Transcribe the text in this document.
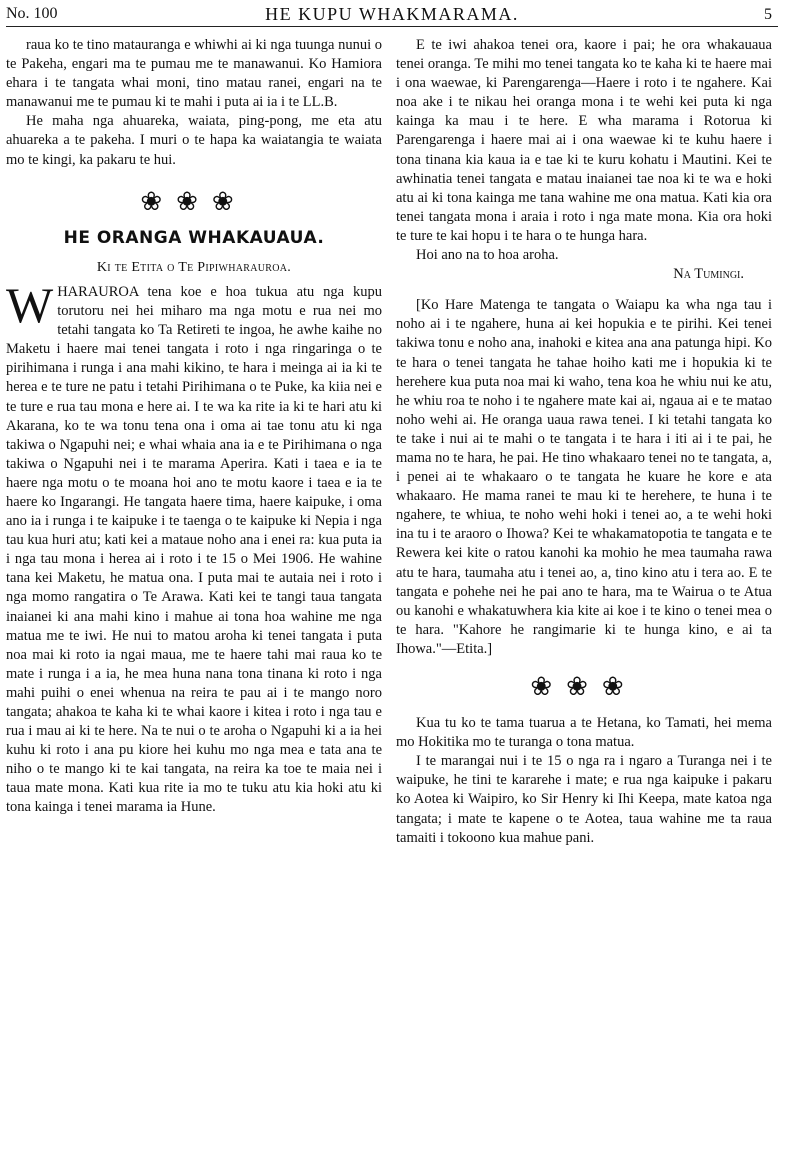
No. 100	HE KUPU WHAKMARAMA.	5

raua ko te tino matauranga e whiwhi ai ki nga tuunga nunui o te Pakeha, engari ma te pumau me te manawanui. Ko Hamiora ehara i te tangata whai moni, tino matau ranei, engari na te manawanui me te pumau ki te mahi i puta ai ia i te LL.B.

He maha nga ahuareka, waiata, ping-pong, me eta atu ahuareka a te pakeha. I muri o te hapa ka waiatangia te waiata mo te kingi, ka pakaru te hui.

❀❀❀

HE ORANGA WHAKAUAUA.
Ki te Etita o Te Pipiwharauroa.

W HARAUROA tena koe e hoa tukua atu nga kupu torutoru nei hei miharo ma nga motu e rua nei mo tetahi tangata ko Ta Retireti te ingoa, he awhe kaihe no Maketu i haere mai tenei tangata i roto i nga ringaringa o te pirihimana i runga i ana mahi kikino, te hara i meinga ai ia ki te herea e te ture ne patu i tetahi Pirihimana o te Puke, ka kiia nei e te ture e rua tau mona e here ai. I te wa ka rite ia ki te hari atu ki Akarana, ko te wa tonu tena ona i oma ai tae tonu atu ki nga takiwa o Ngapuhi nei; e whai whaia ana ia e te Pirihimana o nga takiwa o Ngapuhi nei i te marama Aperira. Kati i taea e ia te haere nga motu o te moana hoi ano te motu kaore i taea e ia te haere ko Ingarangi. He tangata haere tima, haere kaipuke, i oma ano ia i runga i te kaipuke i te taenga o te kaipuke ki Nepia i nga tau kua huri atu; kati kei a mataue noho ana i enei ra: kua puta ia i nga tau mona i herea ai i roto i te 15 o Mei 1906. He wahine tana kei Maketu, he matua ona. I puta mai te autaia nei i roto i nga momo rangatira o Te Arawa. Kati kei te tangi taua tangata inaianei ki ana mahi kino i mahue ai tona hoa wahine me nga matua me te iwi. He nui to matou aroha ki tenei tangata i puta noa mai ki roto ia ngai maua, me te haere tahi mai raua ko te mate i runga i a ia, he mea huna nana tona tinana ki roto i nga mahi puihi o enei whenua na reira te pau ai i te mango noro tangata; ahakoa te kaha ki te whai kaore i kitea i roto i nga tau e rua i mau ai ki te here. Na te nui o te aroha o Ngapuhi ki a ia hei kuhu ki roto i ana pu kiore hei kuhu mo nga mea e tata ana te niho o te mango ki te kai tangata, na reira ka toe te maia nei i taua mate mona. Kati kua rite ia mo te tuku atu kia hoki atu ki tona kainga i tenei marama ia Hune.

E te iwi ahakoa tenei ora, kaore i pai; he ora whakauaua tenei oranga. Te mihi mo tenei tangata ko te kaha ki te haere mai i ona waewae, ki Parengarenga—Haere i roto i te ngahere. Kai noa ake i te nikau hei oranga mona i te wehi kei puta ki nga kainga ka mau i te here. E wha marama i Rotorua ki Parengarenga i haere mai ai i ona waewae ki te kuhu haere i tona tinana kia kaua ia e tae ki te kuru kohatu i Mautini. Kei te awhinatia tenei tangata e matau inaianei tae noa ki te wa e hoki atu ai ki tona kainga me tana wahine me ona matua. Kati kia ora tenei tangata mona i araia i roto i nga mate mona. Kia ora hoki te ture te kai hopu i te hara o te hunga hara.

Hoi ano na to hoa aroha.

Na Tumingi.

[Ko Hare Matenga te tangata o Waiapu ka wha nga tau i noho ai i te ngahere, huna ai kei hopukia e te pirihi. Kei tenei takiwa tonu e noho ana, inahoki e kitea ana ana patunga hipi. Ko te hara o tenei tangata he tahae hoiho kati me i hopukia ki te herehere kua puta noa mai ki waho, tena koa he whiu nui ke atu, he whiu roa te noho i te ngahere mate kai ai, ngaua ai e te matao noho wehi ai. He oranga uaua rawa tenei. I ki tetahi tangata ko te take i nui ai te mahi o te tangata i te hara i iti ai i te pai, he mama no te hara, he pai. He tino whakaaro tenei no te tangata, a, i penei ai te whakaaro o te tangata he kuare he kore e ata whakaaro. He mama ranei te mau ki te herehere, te huna i te ngahere, te whiua, te noho wehi hoki i tenei ao, a te wehi hoki ina tu i te araoro o Ihowa? Kei te whakamatopotia te tangata e te Rewera kei kite o ratou kanohi ka mohio he mea taumaha rawa atu te hara, taumaha atu i tenei ao, a, tino kino atu i tera ao. E te tangata e pohehe nei he pai ano te hara, ma te Wairua o te Atua ou kanohi e whakatuwhera kia kite ai koe i te kino o tenei mea o te hara. "Kahore he rangimarie ki te hunga kino, e ai ta Ihowa."—Etita.]

❀❀❀

Kua tu ko te tama tuarua a te Hetana, ko Tamati, hei mema mo Hokitika mo te turanga o tona matua.

I te marangai nui i te 15 o nga ra i ngaro a Turanga nei i te waipuke, he tini te kararehe i mate; e rua nga kaipuke i pakaru ko Aotea ki Waipiro, ko Sir Henry ki Ihi Keepa, mate katoa nga tangata; i mate te kapene o te Aotea, taua wahine me ta raua tamaiti i tokoono kua mahue pani.
